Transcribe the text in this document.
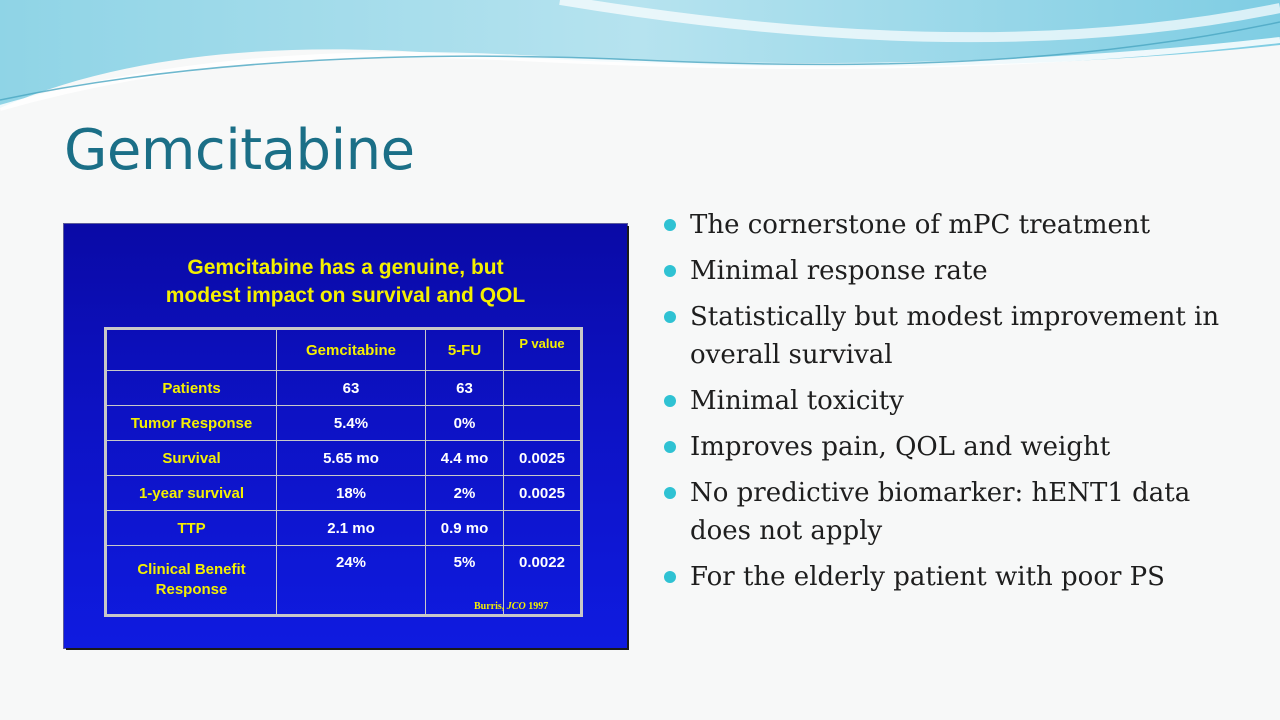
Gemcitabine
Gemcitabine has a genuine, but
modest impact on survival and QOL
	Gemcitabine	5-FU	P value
Patients	63	63	
Tumor Response	5.4%	0%	
Survival	5.65 mo	4.4 mo	0.0025
1-year survival	18%	2%	0.0025
TTP	2.1 mo	0.9 mo	
Clinical Benefit
Response	24%	5%	0.0022
Burris, JCO 1997
The cornerstone of mPC treatment
Minimal response rate
Statistically but modest improvement in overall survival
Minimal toxicity
Improves pain, QOL and weight
No predictive biomarker: hENT1 data does not apply
For the elderly patient with poor PS
